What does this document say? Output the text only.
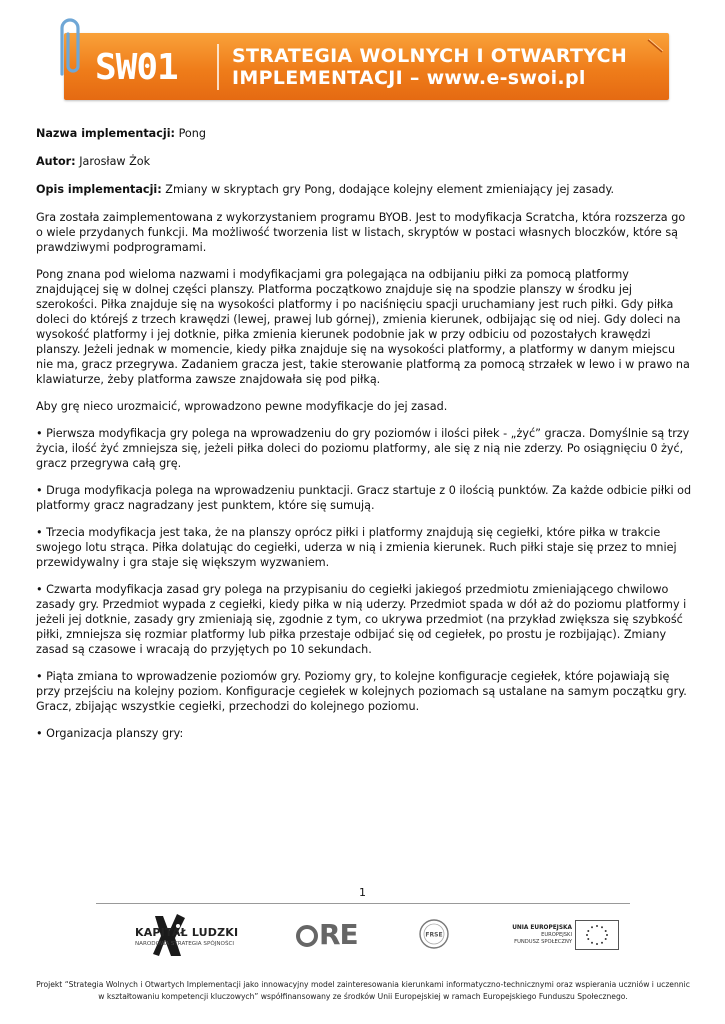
SW01	STRATEGIA WOLNYCH I OTWARTYCH
IMPLEMENTACJI – www.e-swoi.pl

Nazwa implementacji: Pong

Autor: Jarosław Żok

Opis implementacji: Zmiany w skryptach gry Pong, dodające kolejny element zmieniający jej zasady.

Gra została zaimplementowana z wykorzystaniem programu BYOB. Jest to modyfikacja Scratcha, która rozszerza go o wiele przydanych funkcji. Ma możliwość tworzenia list w listach, skryptów w postaci własnych bloczków, które są prawdziwymi podprogramami.

Pong znana pod wieloma nazwami i modyfikacjami gra polegająca na odbijaniu piłki za pomocą platformy znajdującej się w dolnej części planszy. Platforma początkowo znajduje się na spodzie planszy w środku jej szerokości. Piłka znajduje się na wysokości platformy i po naciśnięciu spacji uruchamiany jest ruch piłki. Gdy piłka doleci do którejś z trzech krawędzi (lewej, prawej lub górnej), zmienia kierunek, odbijając się od niej. Gdy doleci na wysokość platformy i jej dotknie, piłka zmienia kierunek podobnie jak w przy odbiciu od pozostałych krawędzi planszy. Jeżeli jednak w momencie, kiedy piłka znajduje się na wysokości platformy, a platformy w danym miejscu nie ma, gracz przegrywa. Zadaniem gracza jest, takie sterowanie platformą za pomocą strzałek w lewo i w prawo na klawiaturze, żeby platforma zawsze znajdowała się pod piłką.

Aby grę nieco urozmaicić, wprowadzono pewne modyfikacje do jej zasad.

• Pierwsza modyfikacja gry polega na wprowadzeniu do gry poziomów i ilości piłek - „żyć” gracza. Domyślnie są trzy życia, ilość żyć zmniejsza się, jeżeli piłka doleci do poziomu platformy, ale się z nią nie zderzy. Po osiągnięciu 0 żyć, gracz przegrywa całą grę.

• Druga modyfikacja polega na wprowadzeniu punktacji. Gracz startuje z 0 ilością punktów. Za każde odbicie piłki od platformy gracz nagradzany jest punktem, które się sumują.

• Trzecia modyfikacja jest taka, że na planszy oprócz piłki i platformy znajdują się cegiełki, które piłka w trakcie swojego lotu strąca. Piłka dolatując do cegiełki, uderza w nią i zmienia kierunek. Ruch piłki staje się przez to mniej przewidywalny i gra staje się większym wyzwaniem.

• Czwarta modyfikacja zasad gry polega na przypisaniu do cegiełki jakiegoś przedmiotu zmieniającego chwilowo zasady gry. Przedmiot wypada z cegiełki, kiedy piłka w nią uderzy. Przedmiot spada w dół aż do poziomu platformy i jeżeli jej dotknie, zasady gry zmieniają się, zgodnie z tym, co ukrywa przedmiot (na przykład zwiększa się szybkość piłki, zmniejsza się rozmiar platformy lub piłka przestaje odbijać się od cegiełek, po prostu je rozbijając). Zmiany zasad są czasowe i wracają do przyjętych po 10 sekundach.

• Piąta zmiana to wprowadzenie poziomów gry. Poziomy gry, to kolejne konfiguracje cegiełek, które pojawiają się przy przejściu na kolejny poziom. Konfiguracje cegiełek w kolejnych poziomach są ustalane na samym początku gry. Gracz, zbijając wszystkie cegiełki, przechodzi do kolejnego poziomu.

• Organizacja planszy gry:

1
KAPITAŁ LUDZKI
NARODOWA STRATEGIA SPÓJNOŚCI	RE	FRSE
UNIA EUROPEJSKA
EUROPEJSKI
FUNDUSZ SPOŁECZNY
Projekt “Strategia Wolnych i Otwartych Implementacji jako innowacyjny model zainteresowania kierunkami informatyczno-technicznymi oraz wspierania uczniów i uczennic w kształtowaniu kompetencji kluczowych” współfinansowany ze środków Unii Europejskiej w ramach Europejskiego Funduszu Społecznego.
